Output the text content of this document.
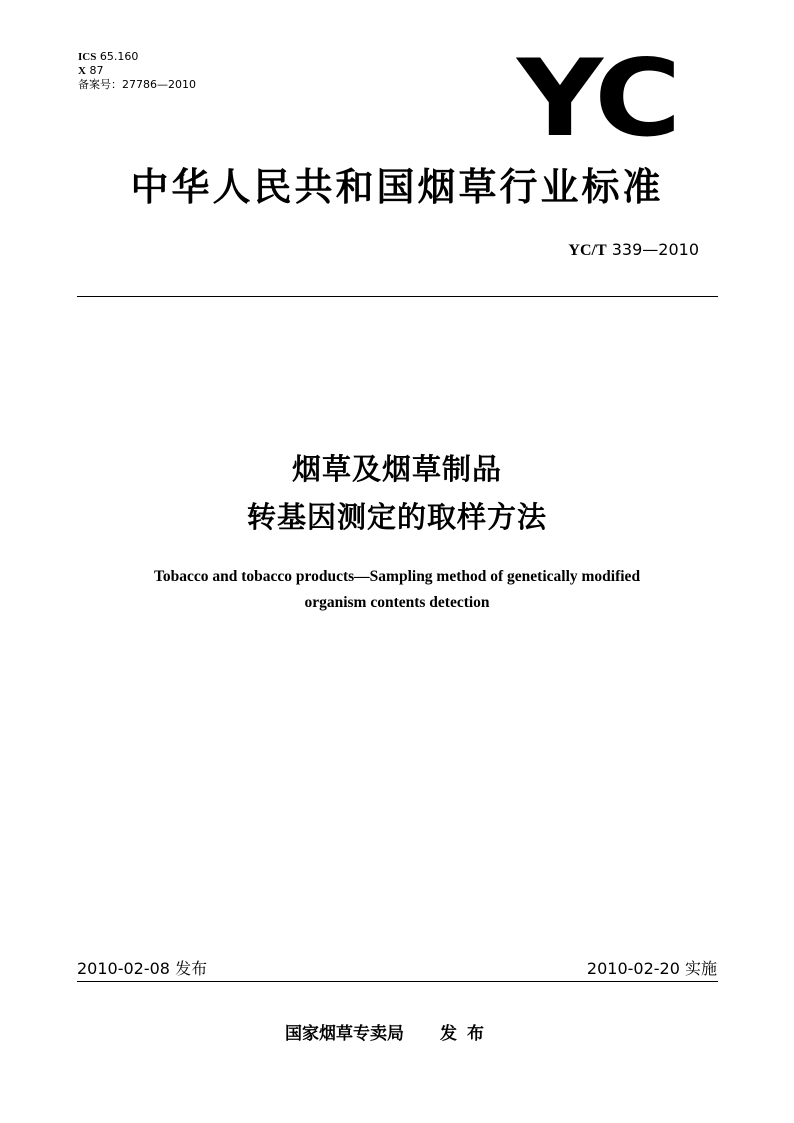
ICS 65.160
X 87
备案号：27786—2010	YC
中华人民共和国烟草行业标准
YC/T 339—2010
烟草及烟草制品
转基因测定的取样方法
Tobacco and tobacco products—Sampling method of genetically modified
organism contents detection
2010-02-08 发布	2010-02-20 实施
国家烟草专卖局 发布
